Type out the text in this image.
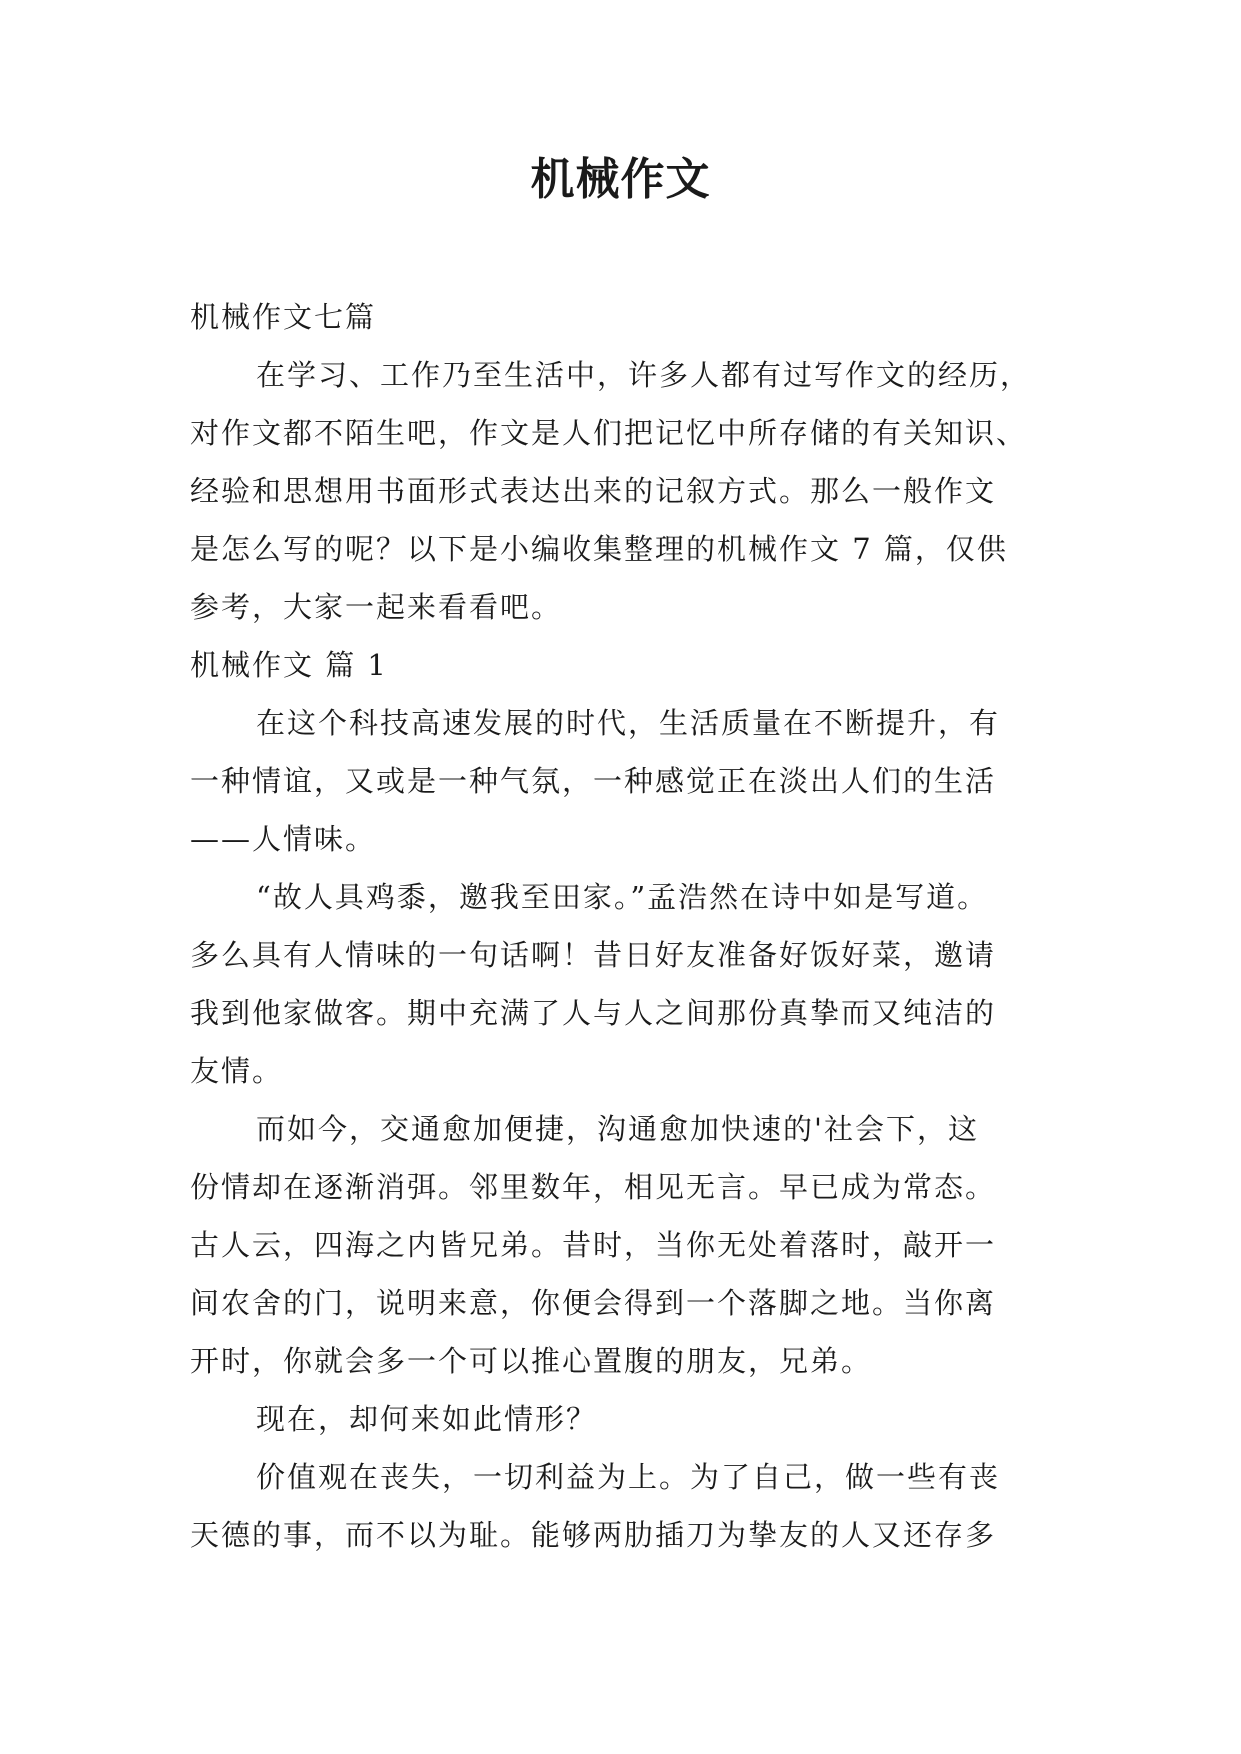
机械作文
机械作文七篇
在学习、工作乃至生活中，许多人都有过写作文的经历，
对作文都不陌生吧，作文是人们把记忆中所存储的有关知识、
经验和思想用书面形式表达出来的记叙方式。那么一般作文
是怎么写的呢？以下是小编收集整理的机械作文 7 篇，仅供
参考，大家一起来看看吧。
机械作文 篇 1
在这个科技高速发展的时代，生活质量在不断提升，有
一种情谊，又或是一种气氛，一种感觉正在淡出人们的生活
——人情味。
“故人具鸡黍，邀我至田家。”孟浩然在诗中如是写道。
多么具有人情味的一句话啊！昔日好友准备好饭好菜，邀请
我到他家做客。期中充满了人与人之间那份真挚而又纯洁的
友情。
而如今，交通愈加便捷，沟通愈加快速的'社会下，这
份情却在逐渐消弭。邻里数年，相见无言。早已成为常态。
古人云，四海之内皆兄弟。昔时，当你无处着落时，敲开一
间农舍的门，说明来意，你便会得到一个落脚之地。当你离
开时，你就会多一个可以推心置腹的朋友，兄弟。
现在，却何来如此情形？
价值观在丧失，一切利益为上。为了自己，做一些有丧
天德的事，而不以为耻。能够两肋插刀为挚友的人又还存多
